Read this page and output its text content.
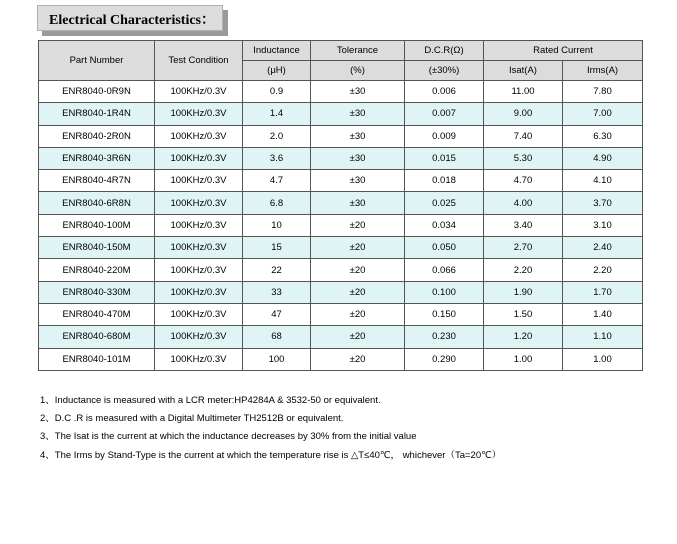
Electrical Characteristics：
Part Number	Test Condition	Inductance	Tolerance	D.C.R(Ω)	Rated Current	
		(μH)	(%)	(±30%)	Isat(A)	Irms(A)
ENR8040-0R9N	100KHz/0.3V	0.9	±30	0.006	11.00	7.80
ENR8040-1R4N	100KHz/0.3V	1.4	±30	0.007	9.00	7.00
ENR8040-2R0N	100KHz/0.3V	2.0	±30	0.009	7.40	6.30
ENR8040-3R6N	100KHz/0.3V	3.6	±30	0.015	5.30	4.90
ENR8040-4R7N	100KHz/0.3V	4.7	±30	0.018	4.70	4.10
ENR8040-6R8N	100KHz/0.3V	6.8	±30	0.025	4.00	3.70
ENR8040-100M	100KHz/0.3V	10	±20	0.034	3.40	3.10
ENR8040-150M	100KHz/0.3V	15	±20	0.050	2.70	2.40
ENR8040-220M	100KHz/0.3V	22	±20	0.066	2.20	2.20
ENR8040-330M	100KHz/0.3V	33	±20	0.100	1.90	1.70
ENR8040-470M	100KHz/0.3V	47	±20	0.150	1.50	1.40
ENR8040-680M	100KHz/0.3V	68	±20	0.230	1.20	1.10
ENR8040-101M	100KHz/0.3V	100	±20	0.290	1.00	1.00
1、Inductance is measured with a LCR meter:HP4284A & 3532-50 or equivalent.
2、D.C .R is measured with a Digital Multimeter TH2512B or equivalent.
3、The Isat is the current at which the inductance decreases by 30% from the initial value
4、The Irms by Stand-Type is the current at which the temperature rise is △T≤40℃， whichever（Ta=20℃）
